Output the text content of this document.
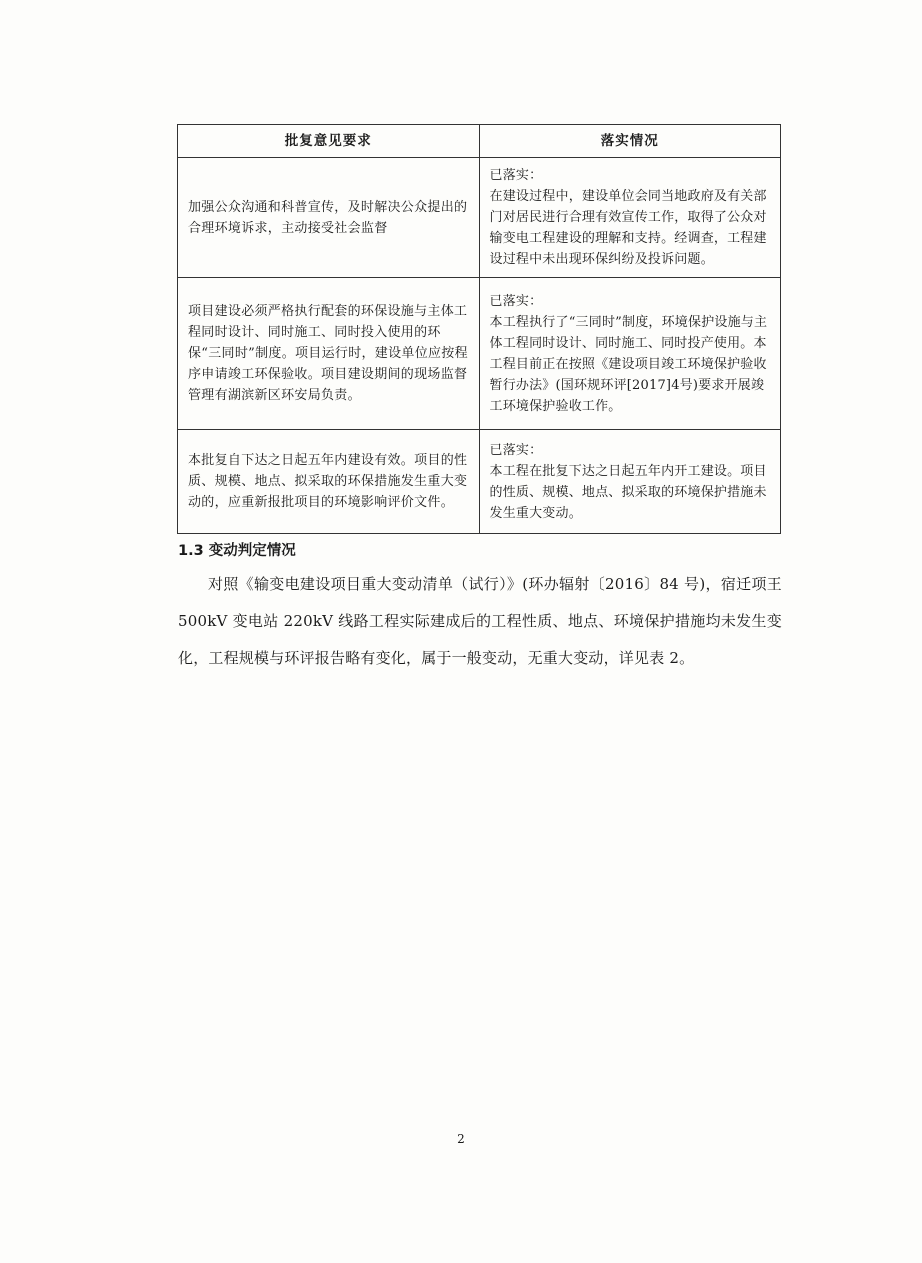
批复意见要求	落实情况
加强公众沟通和科普宣传，及时解决公众提出的合理环境诉求，主动接受社会监督	已落实：
在建设过程中，建设单位会同当地政府及有关部门对居民进行合理有效宣传工作，取得了公众对输变电工程建设的理解和支持。经调查，工程建设过程中未出现环保纠纷及投诉问题。

项目建设必须严格执行配套的环保设施与主体工程同时设计、同时施工、同时投入使用的环保“三同时”制度。项目运行时，建设单位应按程序申请竣工环保验收。项目建设期间的现场监督管理有湖滨新区环安局负责。	已落实：
本工程执行了“三同时”制度，环境保护设施与主体工程同时设计、同时施工、同时投产使用。本工程目前正在按照《建设项目竣工环境保护验收暂行办法》(国环规环评[2017]4号)要求开展竣工环境保护验收工作。

本批复自下达之日起五年内建设有效。项目的性质、规模、地点、拟采取的环保措施发生重大变动的，应重新报批项目的环境影响评价文件。	已落实：
本工程在批复下达之日起五年内开工建设。项目的性质、规模、地点、拟采取的环境保护措施未发生重大变动。
1.3 变动判定情况

对照《输变电建设项目重大变动清单（试行）》(环办辐射〔2016〕84 号)，宿迁项王 500kV 变电站 220kV 线路工程实际建成后的工程性质、地点、环境保护措施均未发生变化，工程规模与环评报告略有变化，属于一般变动，无重大变动，详见表 2。

2
